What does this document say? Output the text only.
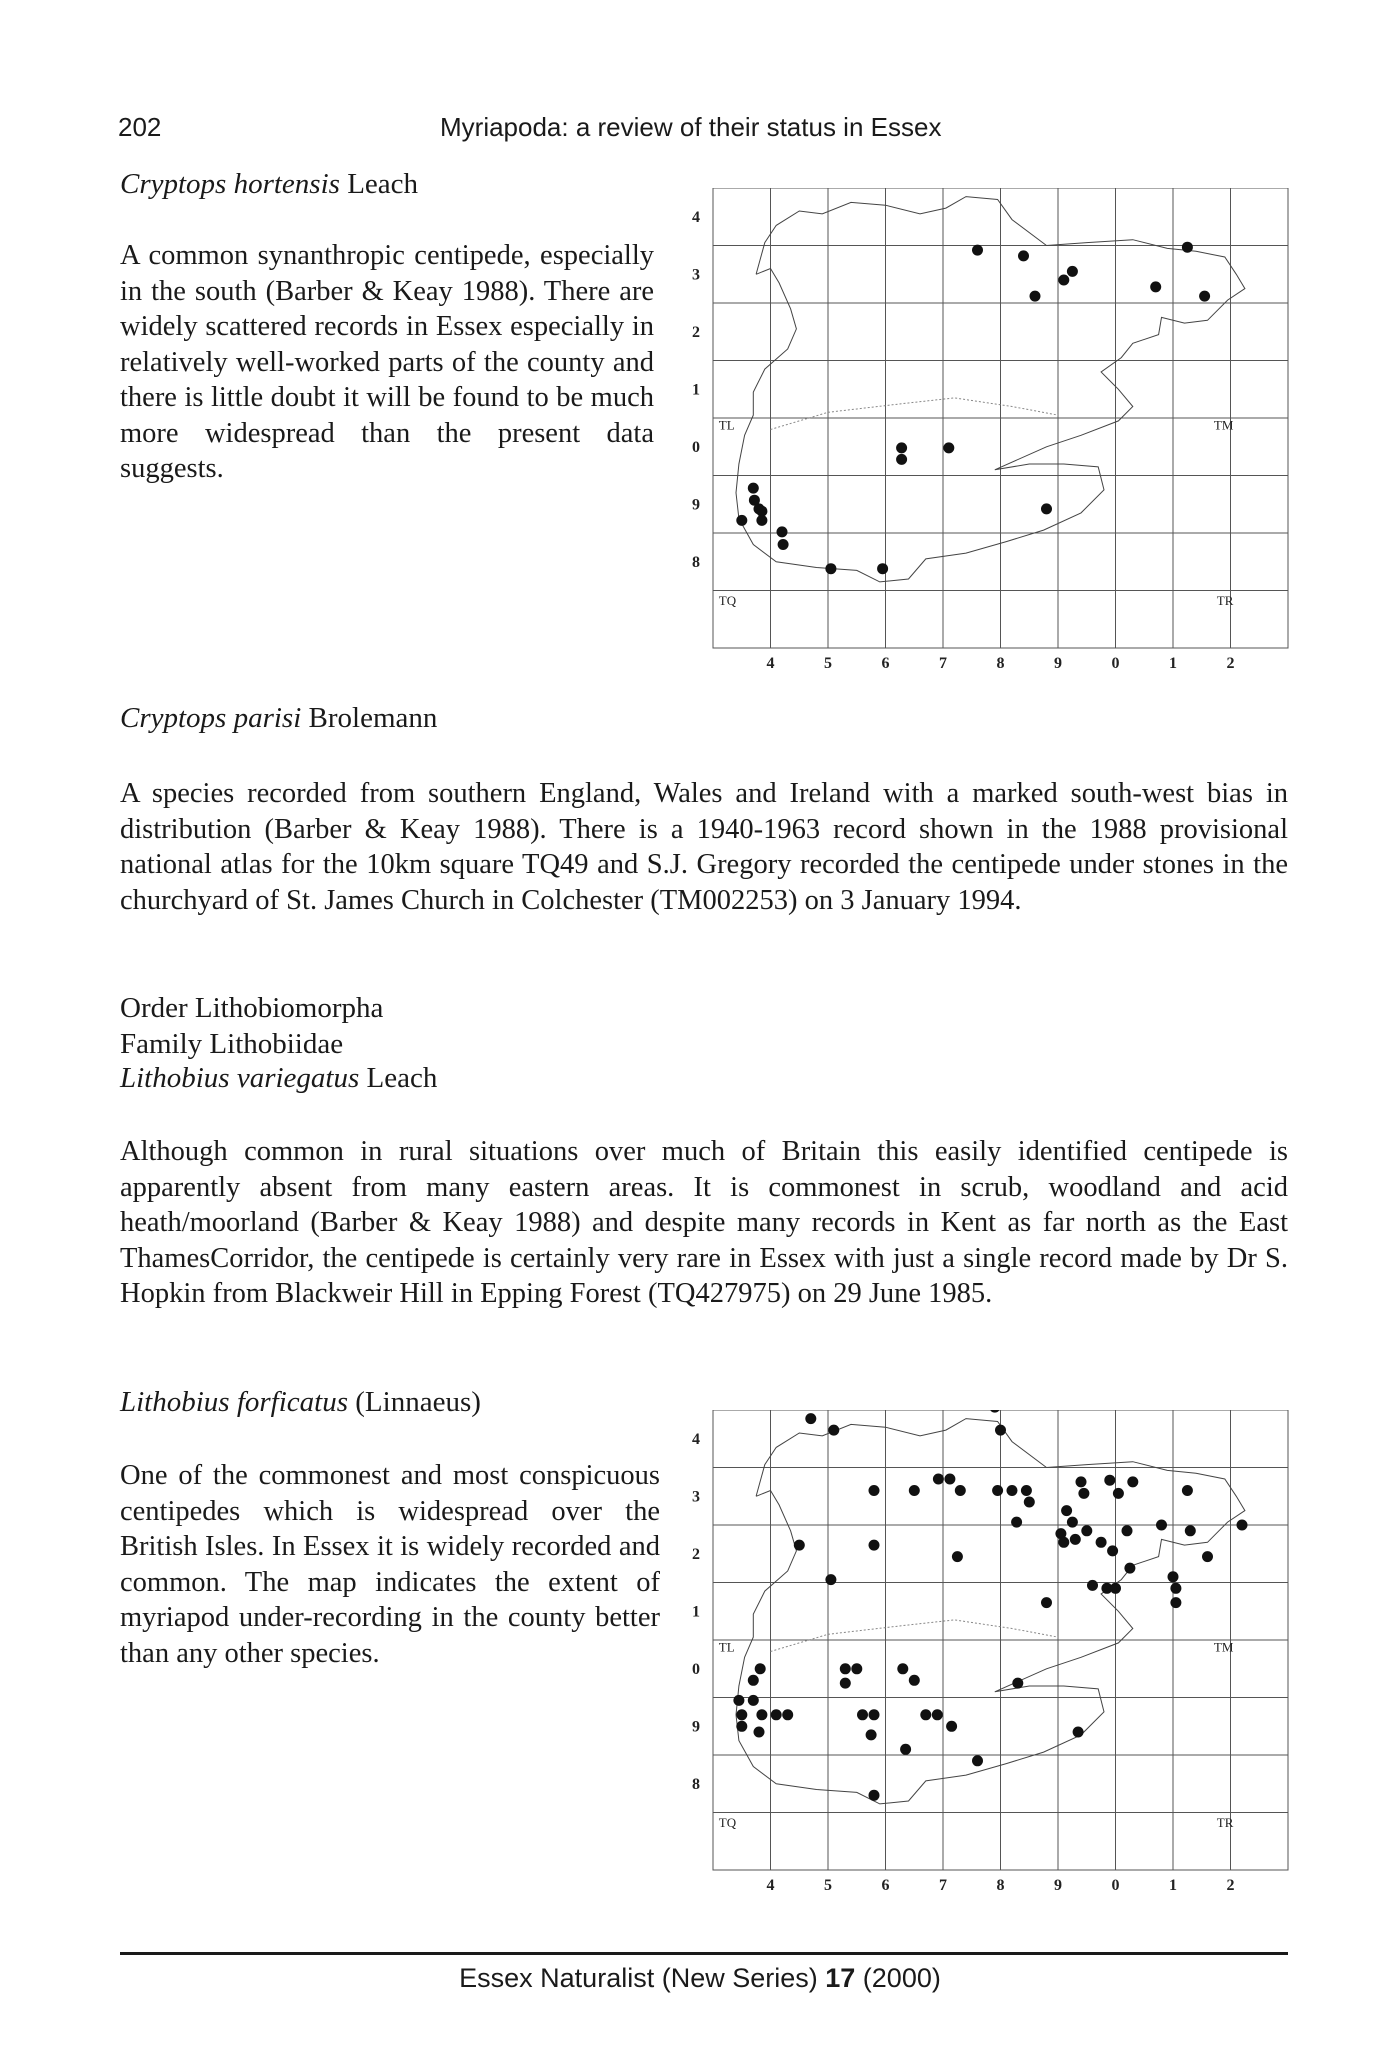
202	Myriapoda: a review of their status in Essex
Cryptops hortensis Leach
A common synanthropic centipede, especially in the south (Barber & Keay 1988). There are widely scattered records in Essex especially in relatively well-worked parts of the county and there is little doubt it will be found to be much more widespread than the present data suggests.
TL	TM
TQ	TR
4
3
2
1
0
9
8
4	5	6	7	8	9	0	1	2
Cryptops parisi Brolemann
A species recorded from southern England, Wales and Ireland with a marked south-west bias in distribution (Barber & Keay 1988). There is a 1940-1963 record shown in the 1988 provisional national atlas for the 10km square TQ49 and S.J. Gregory recorded the centipede under stones in the churchyard of St. James Church in Colchester (TM002253) on 3 January 1994.
Order Lithobiomorpha
Family Lithobiidae
Lithobius variegatus Leach
Although common in rural situations over much of Britain this easily identified centipede is apparently absent from many eastern areas. It is commonest in scrub, woodland and acid heath/moorland (Barber & Keay 1988) and despite many records in Kent as far north as the East ThamesCorridor, the centipede is certainly very rare in Essex with just a single record made by Dr S. Hopkin from Blackweir Hill in Epping Forest (TQ427975) on 29 June 1985.
Lithobius forficatus (Linnaeus)
One of the commonest and most conspicuous centipedes which is widespread over the British Isles. In Essex it is widely recorded and common. The map indicates the extent of myriapod under-recording in the county better than any other species.	TL	TM
TQ	TR
4
3
2
1
0
9
8
4	5	6	7	8	9	0	1	2
Essex Naturalist (New Series) 17 (2000)
